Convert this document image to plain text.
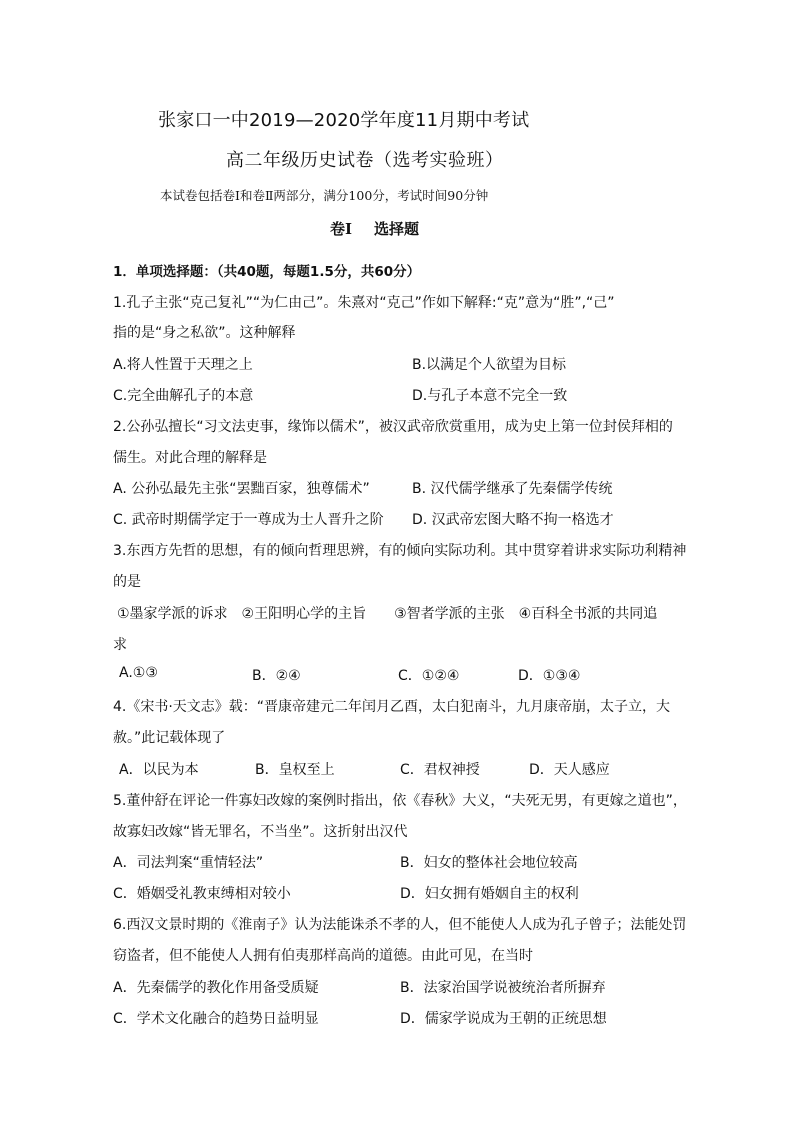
张家口一中2019—2020学年度11月期中考试
高二年级历史试卷（选考实验班）
本试卷包括卷Ⅰ和卷Ⅱ两部分，满分100分，考试时间90分钟
卷Ⅰ 选择题
1．单项选择题：（共40题，每题1.5分，共60分）
1.孔子主张“克己复礼”“为仁由己”。朱熹对“克己”作如下解释:“克”意为“胜”,“己”
指的是“身之私欲”。这种解释
A.将人性置于天理之上	B.以满足个人欲望为目标
C.完全曲解孔子的本意	D.与孔子本意不完全一致
2.公孙弘擅长“习文法吏事，缘饰以儒术”，被汉武帝欣赏重用，成为史上第一位封侯拜相的
儒生。对此合理的解释是
A. 公孙弘最先主张“罢黜百家，独尊儒术”	B. 汉代儒学继承了先秦儒学传统
C. 武帝时期儒学定于一尊成为士人晋升之阶 D. 汉武帝宏图大略不拘一格选才
3.东西方先哲的思想，有的倾向哲理思辨，有的倾向实际功利。其中贯穿着讲求实际功利精神
的是
①墨家学派的诉求　②王阳明心学的主旨　　③智者学派的主张　④百科全书派的共同追
求
A.①③	B．②④	C．①②④	D．①③④
4.《宋书·天文志》载：“晋康帝建元二年闰月乙酉，太白犯南斗，九月康帝崩，太子立，大
赦。”此记载体现了
A．以民为本	B．皇权至上	C．君权神授	D．天人感应
5.董仲舒在评论一件寡妇改嫁的案例时指出，依《春秋》大义，“夫死无男，有更嫁之道也”，
故寡妇改嫁“皆无罪名，不当坐”。这折射出汉代
A．司法判案“重情轻法”	B．妇女的整体社会地位较高
C．婚姻受礼教束缚相对较小	D．妇女拥有婚姻自主的权利
6.西汉文景时期的《淮南子》认为法能诛杀不孝的人，但不能使人人成为孔子曾子；法能处罚
窃盗者，但不能使人人拥有伯夷那样高尚的道德。由此可见，在当时
A．先秦儒学的教化作用备受质疑	B．法家治国学说被统治者所摒弃
C．学术文化融合的趋势日益明显	D．儒家学说成为王朝的正统思想
